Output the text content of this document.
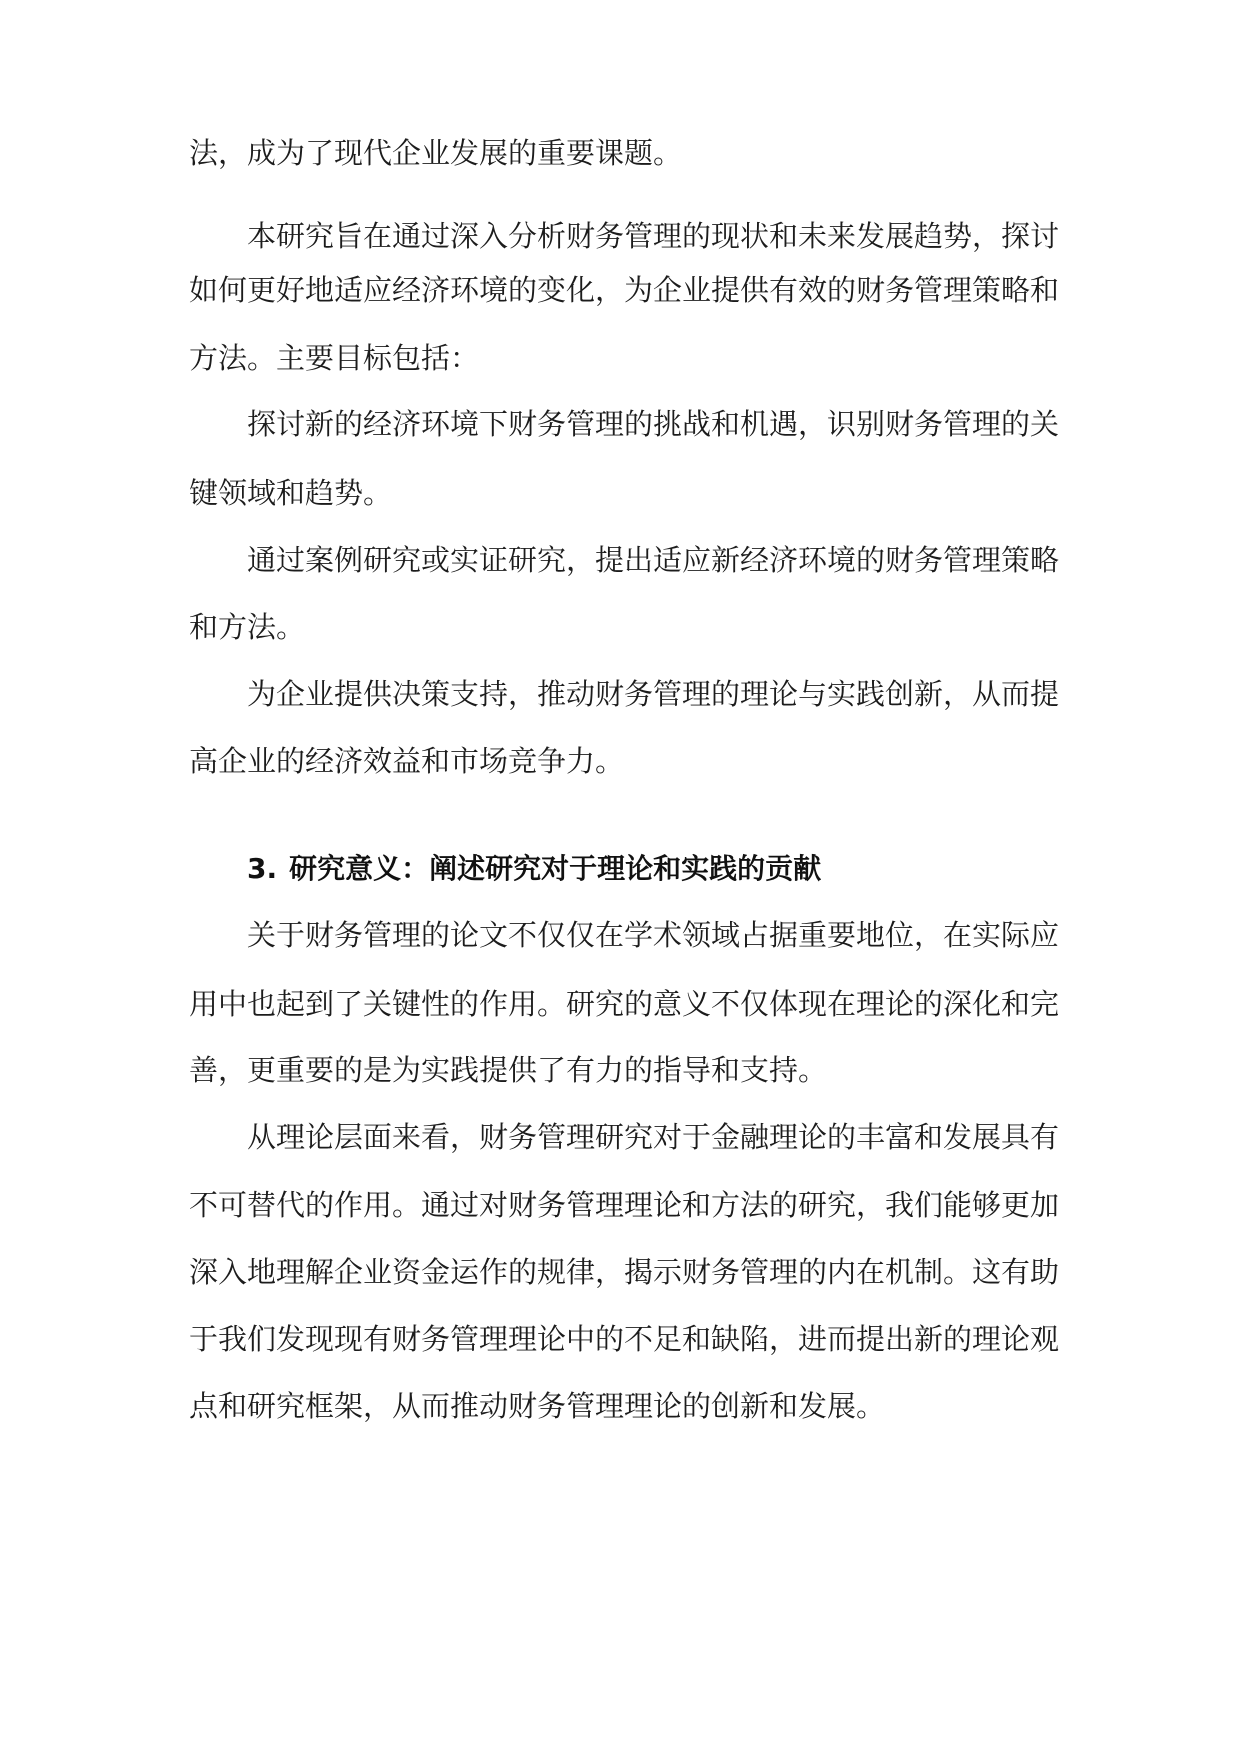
法，成为了现代企业发展的重要课题。
本研究旨在通过深入分析财务管理的现状和未来发展趋势，探讨
如何更好地适应经济环境的变化，为企业提供有效的财务管理策略和
方法。主要目标包括：
探讨新的经济环境下财务管理的挑战和机遇，识别财务管理的关
键领域和趋势。
通过案例研究或实证研究，提出适应新经济环境的财务管理策略
和方法。
为企业提供决策支持，推动财务管理的理论与实践创新，从而提
高企业的经济效益和市场竞争力。
3. 研究意义：阐述研究对于理论和实践的贡献
关于财务管理的论文不仅仅在学术领域占据重要地位，在实际应
用中也起到了关键性的作用。研究的意义不仅体现在理论的深化和完
善，更重要的是为实践提供了有力的指导和支持。
从理论层面来看，财务管理研究对于金融理论的丰富和发展具有
不可替代的作用。通过对财务管理理论和方法的研究，我们能够更加
深入地理解企业资金运作的规律，揭示财务管理的内在机制。这有助
于我们发现现有财务管理理论中的不足和缺陷，进而提出新的理论观
点和研究框架，从而推动财务管理理论的创新和发展。
